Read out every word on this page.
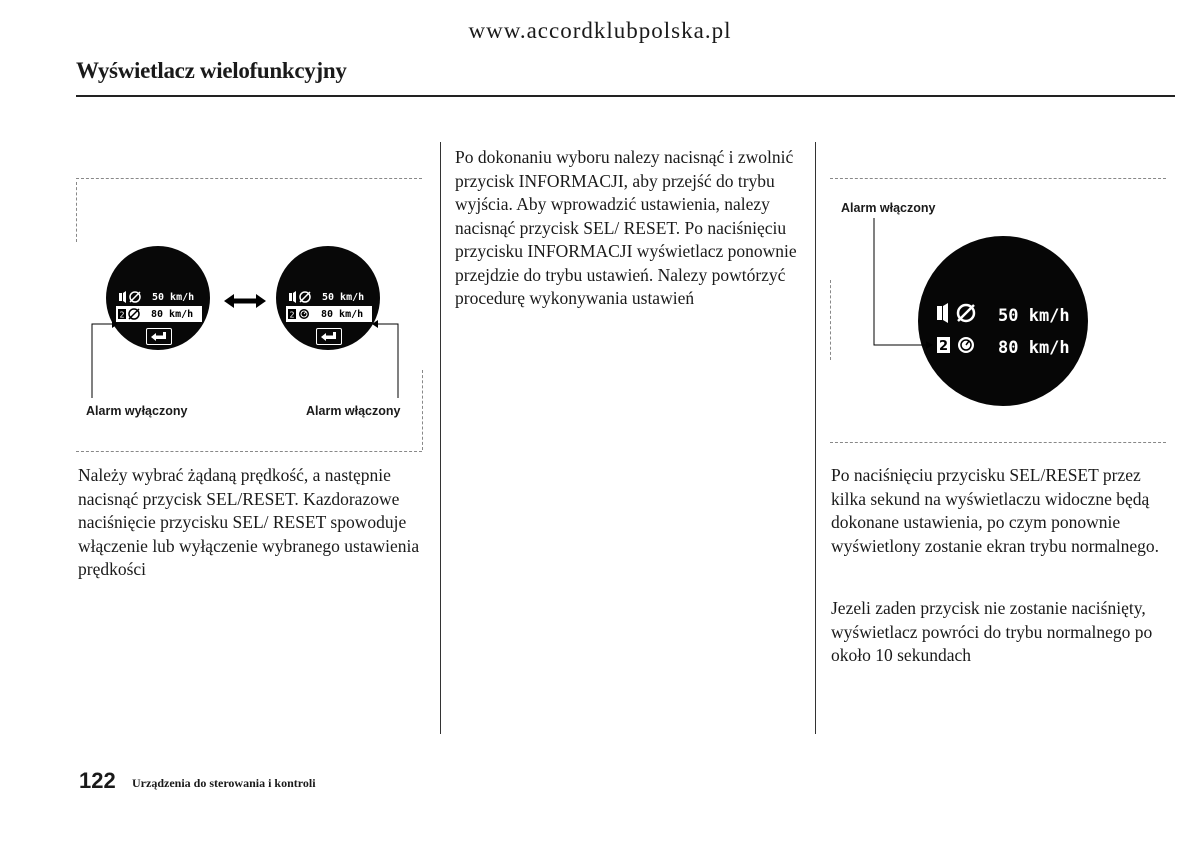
www.accordklubpolska.pl
Wyświetlacz wielofunkcyjny
50 km/h
2	80 km/h
50 km/h
2	80 km/h
Alarm wyłączony	Alarm włączony
Należy wybrać żądaną prędkość, a następnie nacisnąć przycisk SEL/RESET. Kazdorazowe naciśnięcie przycisku SEL/ RESET spowoduje włączenie lub wyłączenie wybranego ustawienia prędkości
Po dokonaniu wyboru nalezy nacisnąć i zwolnić przycisk INFORMACJI, aby przejść do trybu wyjścia. Aby wprowadzić ustawienia, nalezy nacisnąć przycisk SEL/ RESET. Po naciśnięciu przycisku INFORMACJI wyświetlacz ponownie przejdzie do trybu ustawień. Nalezy powtórzyć procedurę wykonywania ustawień
Alarm włączony
50 km/h
2	80 km/h
Po naciśnięciu przycisku SEL/RESET przez kilka sekund na wyświetlaczu widoczne będą dokonane ustawienia, po czym ponownie wyświetlony zostanie ekran trybu normalnego.
Jezeli zaden przycisk nie zostanie naciśnięty, wyświetlacz powróci do trybu normalnego po około 10 sekundach
122 Urządzenia do sterowania i kontroli
